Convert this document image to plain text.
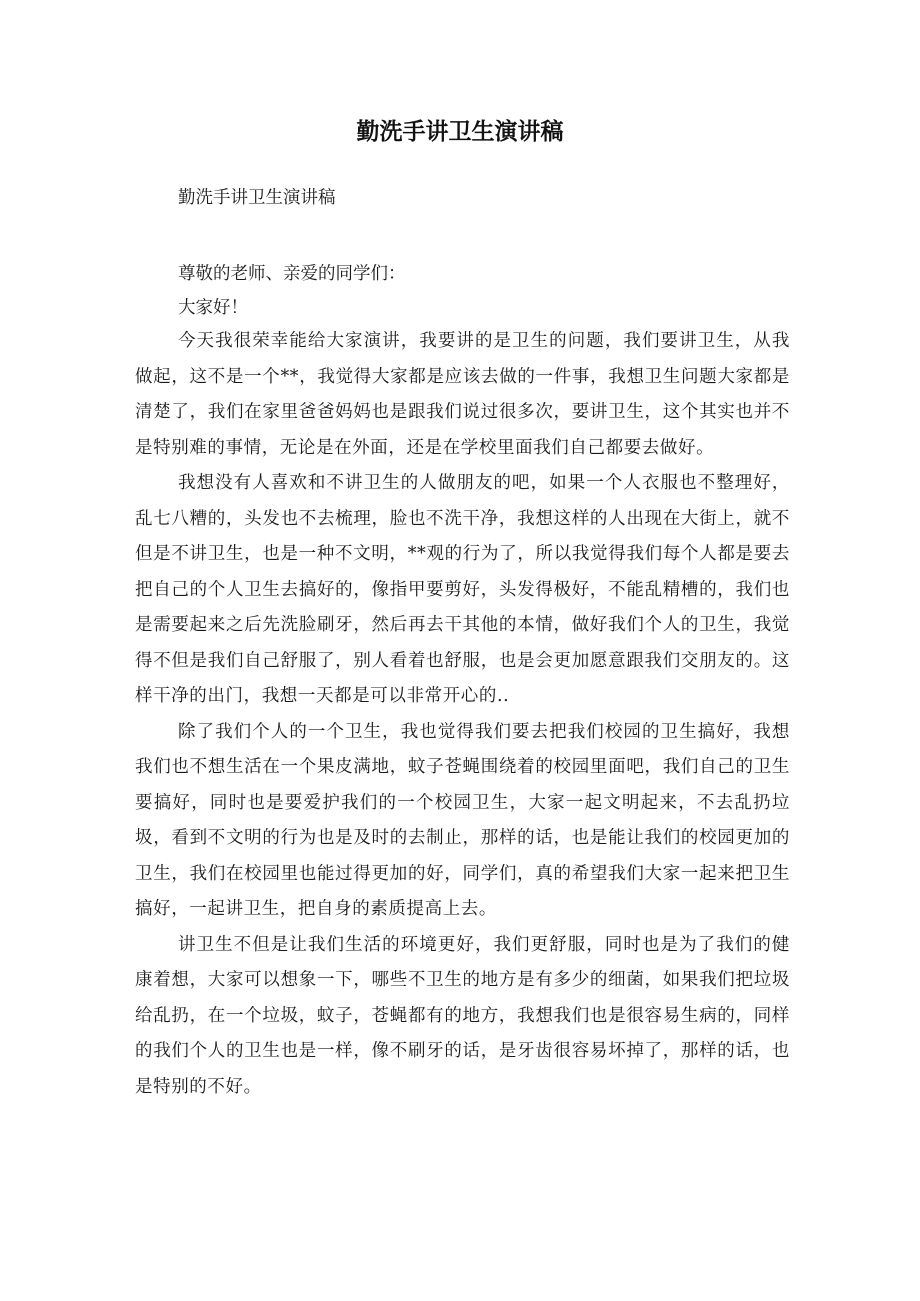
勤洗手讲卫生演讲稿

勤洗手讲卫生演讲稿

尊敬的老师、亲爱的同学们：

大家好！

今天我很荣幸能给大家演讲，我要讲的是卫生的问题，我们要讲卫生，从我做起，这不是一个**，我觉得大家都是应该去做的一件事，我想卫生问题大家都是清楚了，我们在家里爸爸妈妈也是跟我们说过很多次，要讲卫生，这个其实也并不是特别难的事情，无论是在外面，还是在学校里面我们自己都要去做好。

我想没有人喜欢和不讲卫生的人做朋友的吧，如果一个人衣服也不整理好，乱七八糟的，头发也不去梳理，脸也不洗干净，我想这样的人出现在大街上，就不但是不讲卫生，也是一种不文明，**观的行为了，所以我觉得我们每个人都是要去把自己的个人卫生去搞好的，像指甲要剪好，头发得极好，不能乱精槽的，我们也是需要起来之后先洗脸刷牙，然后再去干其他的本情，做好我们个人的卫生，我觉得不但是我们自己舒服了，别人看着也舒服，也是会更加愿意跟我们交朋友的。这样干净的出门，我想一天都是可以非常开心的..

除了我们个人的一个卫生，我也觉得我们要去把我们校园的卫生搞好，我想我们也不想生活在一个果皮满地，蚊子苍蝇围绕着的校园里面吧，我们自己的卫生要搞好，同时也是要爱护我们的一个校园卫生，大家一起文明起来，不去乱扔垃圾，看到不文明的行为也是及时的去制止，那样的话，也是能让我们的校园更加的卫生，我们在校园里也能过得更加的好，同学们，真的希望我们大家一起来把卫生搞好，一起讲卫生，把自身的素质提高上去。

讲卫生不但是让我们生活的环境更好，我们更舒服，同时也是为了我们的健康着想，大家可以想象一下，哪些不卫生的地方是有多少的细菌，如果我们把垃圾给乱扔，在一个垃圾，蚊子，苍蝇都有的地方，我想我们也是很容易生病的，同样的我们个人的卫生也是一样，像不刷牙的话，是牙齿很容易坏掉了，那样的话，也是特别的不好。
